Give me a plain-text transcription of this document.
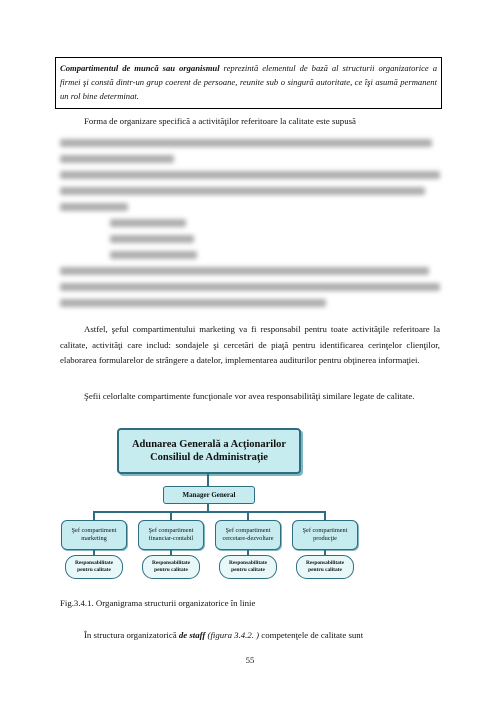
Compartimentul de muncă sau organismul reprezintă elementul de bază al structurii organizatorice a firmei şi constă dintr-un grup coerent de persoane, reunite sub o singură autoritate, ce îşi asumă permanent un rol bine determinat.
Forma de organizare specifică a activităţilor referitoare la calitate este supusă
Astfel, şeful compartimentului marketing va fi responsabil pentru toate activităţile referitoare la calitate, activităţi care includ: sondajele şi cercetări de piaţă pentru identificarea cerinţelor clienţilor, elaborarea formularelor de strângere a datelor, implementarea auditurilor pentru obţinerea informaţiei.
Şefii celorlalte compartimente funcţionale vor avea responsabilităţi similare legate de calitate.
Adunarea Generală a Acţionarilor
Consiliul de Administraţie
Manager General
Şef compartiment
marketing
Şef compartiment
financiar-contabil
Şef compartiment
cercetare-dezvoltare
Şef compartiment
producţie
Responsabilitate
pentru calitate
Responsabilitate
pentru calitate
Responsabilitate
pentru calitate
Responsabilitate
pentru calitate
Fig.3.4.1. Organigrama structurii organizatorice în linie
În structura organizatorică de staff (figura 3.4.2. ) competenţele de calitate sunt
55
